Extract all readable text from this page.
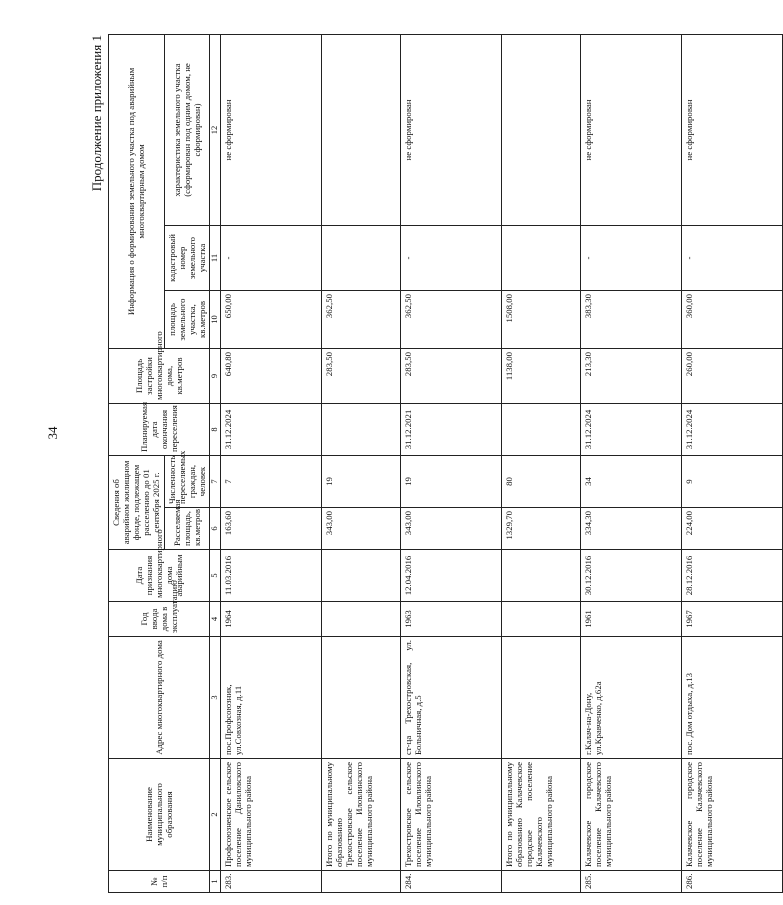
34
Продолжение приложения 1
№ п/п	Наименование муниципального образования	Адрес многоквартирного дома	Год ввода дома в эксплуатацию	Дата признания многоквартирного дома аварийным	Сведения об аварийном жилищном фонде, подлежащем расселению до 01 сентября 2025 г.		Планируемая дата окончания переселения	Площадь застройки многоквартирного дома, кв.метров	Информация о формировании земельного участка под аварийным многоквартирным домом		
					Расселяемая площадь, кв.метров	Численность переселяемых граждан, человек			площадь земельного участка, кв.метров	кадастровый номер земельного участка	характеристика земельного участка (сформирован под одним домом, не сформирован)
1	2	3	4	5	6	7	8	9	10	11	12
283.	Профсоюзненское сельское поселение Даниловского муниципального района	пос.Профсоюзник, ул.Совхозная, д.11	1964	11.03.2016	163,60	7	31.12.2024	640,80	650,00	-	не сформирован
	Итого по муниципальному образованию Трехостровское сельское поселение Иловлинского муниципального района				343,00	19		283,50	362,50		
284.	Трехостровское сельское поселение Иловлинского муниципального района	ст-ца Трехостровская, ул. Больничная, д.5	1963	12.04.2016	343,00	19	31.12.2021	283,50	362,50	-	не сформирован
	Итого по муниципальному образованию Калачевское городское поселение Калачевского муниципального района				1329,70	80		1138,00	1508,00		
285.	Калачевское городское поселение Калачевского муниципального района	г.Калач-на-Дону, ул.Кравченко, д.62а	1961	30.12.2016	334,30	34	31.12.2024	213,30	383,30	-	не сформирован
286.	Калачевское городское поселение Калачевского муниципального района	пос. Дом отдыха, д.13	1967	28.12.2016	224,00	9	31.12.2024	260,00	360,00	-	не сформирован
